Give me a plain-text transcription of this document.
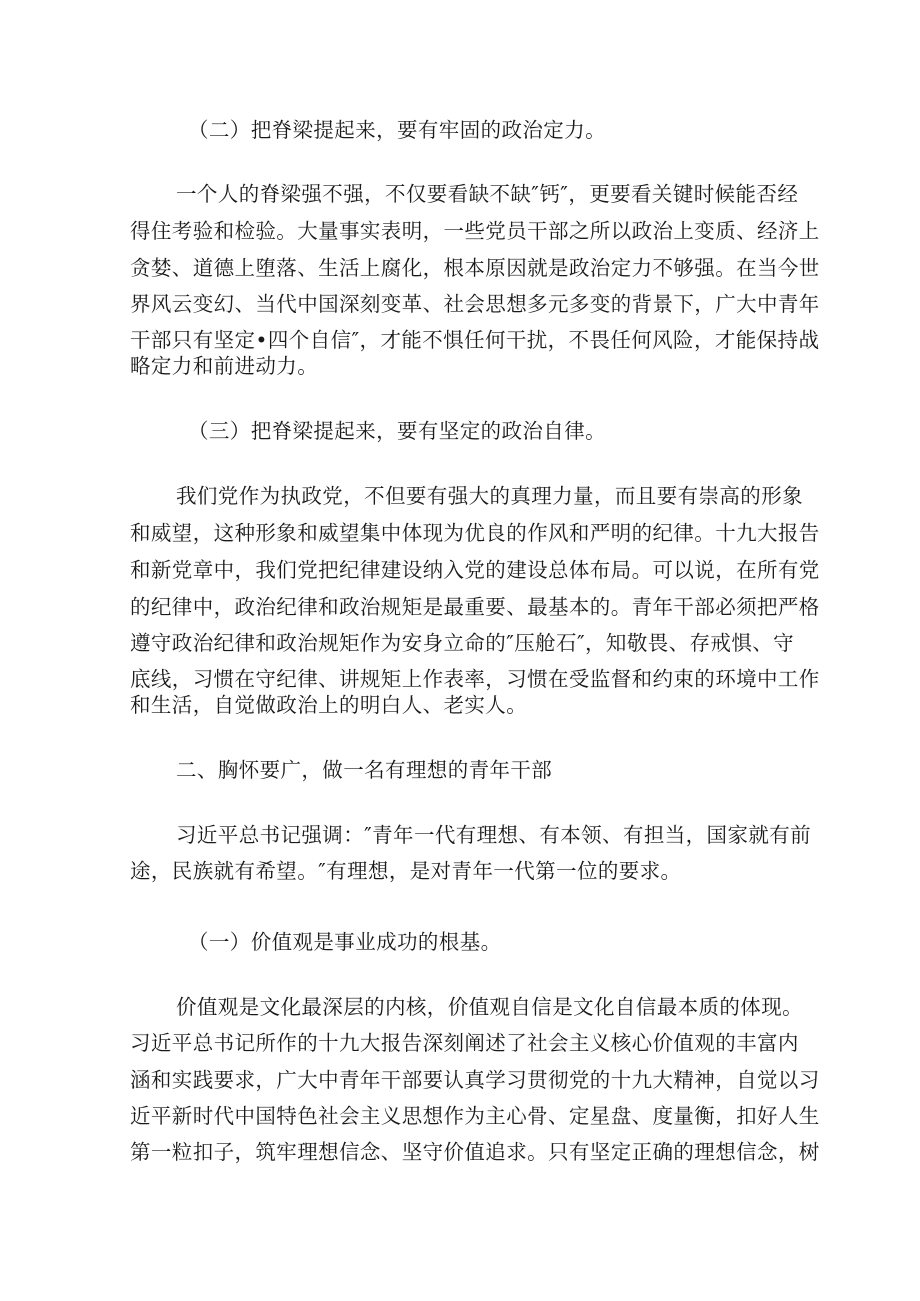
（二）把脊梁提起来，要有牢固的政治定力。
一个人的脊梁强不强，不仅要看缺不缺″钙″，更要看关键时候能否经
得住考验和检验。大量事实表明，一些党员干部之所以政治上变质、经济上
贪婪、道德上堕落、生活上腐化，根本原因就是政治定力不够强。在当今世
界风云变幻、当代中国深刻变革、社会思想多元多变的背景下，广大中青年
干部只有坚定•四个自信″，才能不惧任何干扰，不畏任何风险，才能保持战
略定力和前进动力。
（三）把脊梁提起来，要有坚定的政治自律。
我们党作为执政党，不但要有强大的真理力量，而且要有崇高的形象
和威望，这种形象和威望集中体现为优良的作风和严明的纪律。十九大报告
和新党章中，我们党把纪律建设纳入党的建设总体布局。可以说，在所有党
的纪律中，政治纪律和政治规矩是最重要、最基本的。青年干部必须把严格
遵守政治纪律和政治规矩作为安身立命的″压舱石″，知敬畏、存戒惧、守
底线，习惯在守纪律、讲规矩上作表率，习惯在受监督和约束的环境中工作
和生活，自觉做政治上的明白人、老实人。
二、胸怀要广，做一名有理想的青年干部
习近平总书记强调：″青年一代有理想、有本领、有担当，国家就有前
途，民族就有希望。″有理想，是对青年一代第一位的要求。
（一）价值观是事业成功的根基。
价值观是文化最深层的内核，价值观自信是文化自信最本质的体现。
习近平总书记所作的十九大报告深刻阐述了社会主义核心价值观的丰富内
涵和实践要求，广大中青年干部要认真学习贯彻党的十九大精神，自觉以习
近平新时代中国特色社会主义思想作为主心骨、定星盘、度量衡，扣好人生
第一粒扣子，筑牢理想信念、坚守价值追求。只有坚定正确的理想信念，树
